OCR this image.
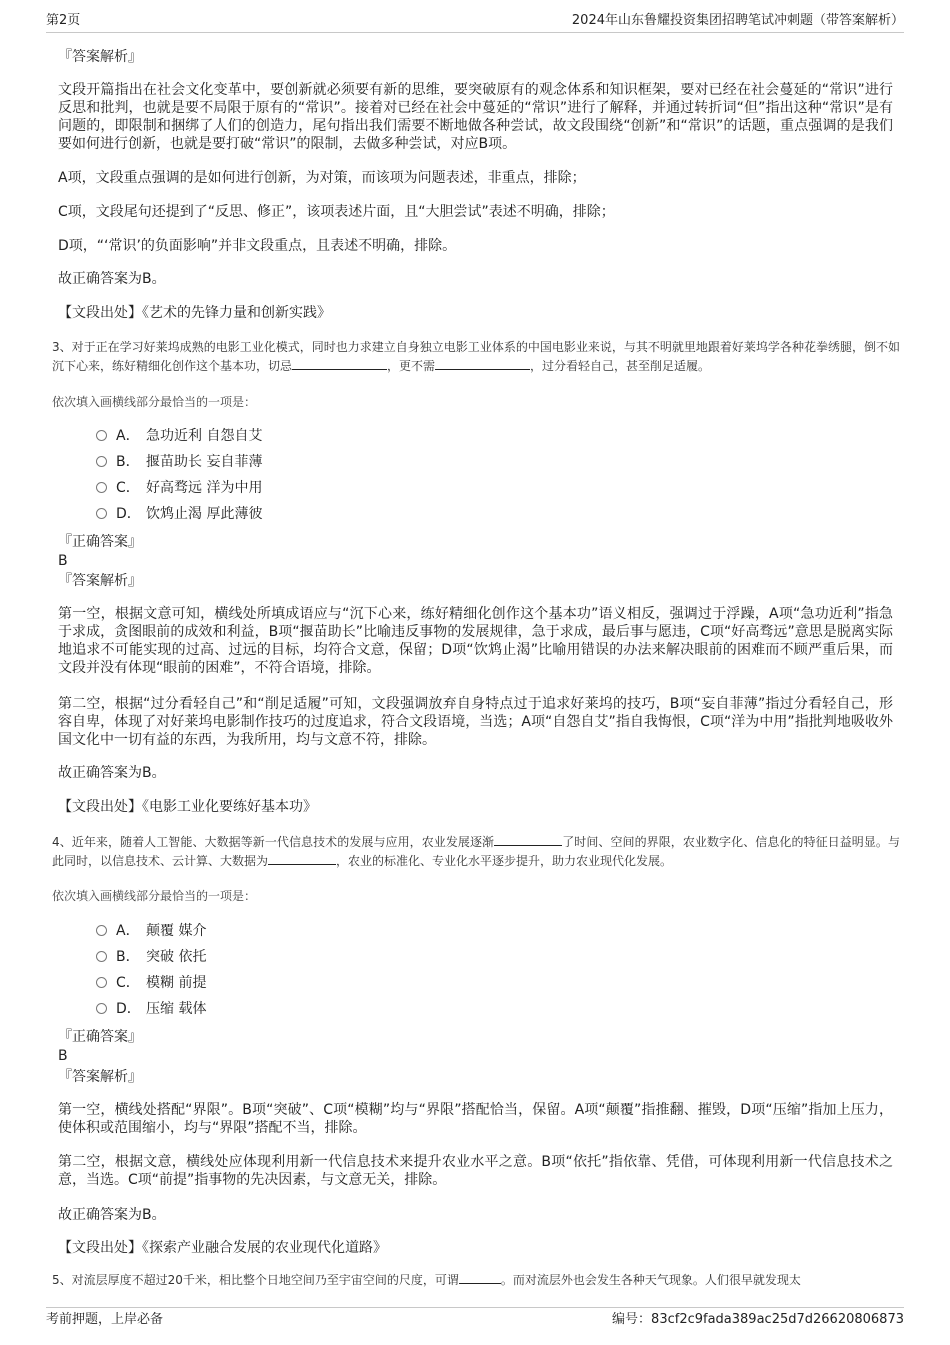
第2页	2024年山东鲁耀投资集团招聘笔试冲刺题（带答案解析）
『答案解析』

文段开篇指出在社会文化变革中，要创新就必须要有新的思维，要突破原有的观念体系和知识框架，要对已经在社会蔓延的“常识”进行反思和批判，也就是要不局限于原有的“常识”。接着对已经在社会中蔓延的“常识”进行了解释，并通过转折词“但”指出这种“常识”是有问题的，即限制和捆绑了人们的创造力，尾句指出我们需要不断地做各种尝试，故文段围绕“创新”和“常识”的话题，重点强调的是我们要如何进行创新，也就是要打破“常识”的限制，去做多种尝试，对应B项。

A项，文段重点强调的是如何进行创新，为对策，而该项为问题表述，非重点，排除；
C项，文段尾句还提到了“反思、修正”，该项表述片面，且“大胆尝试”表述不明确，排除；
D项，“‘常识’的负面影响”并非文段重点，且表述不明确，排除。
故正确答案为B。
【文段出处】《艺术的先锋力量和创新实践》

3、对于正在学习好莱坞成熟的电影工业化模式，同时也力求建立自身独立电影工业体系的中国电影业来说，与其不明就里地跟着好莱坞学各种花拳绣腿，倒不如沉下心来，练好精细化创作这个基本功，切忌	，更不需	，过分看轻自己，甚至削足适履。

依次填入画横线部分最恰当的一项是：
A． 急功近利 自怨自艾
B． 揠苗助长 妄自菲薄
C． 好高骛远 洋为中用
D． 饮鸩止渴 厚此薄彼
『正确答案』
B
『答案解析』

第一空，根据文意可知，横线处所填成语应与“沉下心来，练好精细化创作这个基本功”语义相反，强调过于浮躁，A项“急功近利”指急于求成，贪图眼前的成效和利益，B项“揠苗助长”比喻违反事物的发展规律，急于求成，最后事与愿违，C项“好高骛远”意思是脱离实际地追求不可能实现的过高、过远的目标，均符合文意，保留；D项“饮鸩止渴”比喻用错误的办法来解决眼前的困难而不顾严重后果，而文段并没有体现“眼前的困难”，不符合语境，排除。

第二空，根据“过分看轻自己”和“削足适履”可知，文段强调放弃自身特点过于追求好莱坞的技巧，B项“妄自菲薄”指过分看轻自己，形容自卑，体现了对好莱坞电影制作技巧的过度追求，符合文段语境，当选；A项“自怨自艾”指自我悔恨，C项“洋为中用”指批判地吸收外国文化中一切有益的东西，为我所用，均与文意不符，排除。

故正确答案为B。
【文段出处】《电影工业化要练好基本功》

4、近年来，随着人工智能、大数据等新一代信息技术的发展与应用，农业发展逐渐	了时间、空间的界限，农业数字化、信息化的特征日益明显。与此同时，以信息技术、云计算、大数据为	，农业的标准化、专业化水平逐步提升，助力农业现代化发展。

依次填入画横线部分最恰当的一项是：
A． 颠覆 媒介
B． 突破 依托
C． 模糊 前提
D． 压缩 载体
『正确答案』
B
『答案解析』

第一空，横线处搭配“界限”。B项“突破”、C项“模糊”均与“界限”搭配恰当，保留。A项“颠覆”指推翻、摧毁，D项“压缩”指加上压力，使体积或范围缩小，均与“界限”搭配不当，排除。

第二空，根据文意，横线处应体现利用新一代信息技术来提升农业水平之意。B项“依托”指依靠、凭借，可体现利用新一代信息技术之意，当选。C项“前提”指事物的先决因素，与文意无关，排除。

故正确答案为B。
【文段出处】《探索产业融合发展的农业现代化道路》

5、对流层厚度不超过20千米，相比整个日地空间乃至宇宙空间的尺度，可谓	。而对流层外也会发生各种天气现象。人们很早就发现太

考前押题，上岸必备	编号：83cf2c9fada389ac25d7d26620806873
